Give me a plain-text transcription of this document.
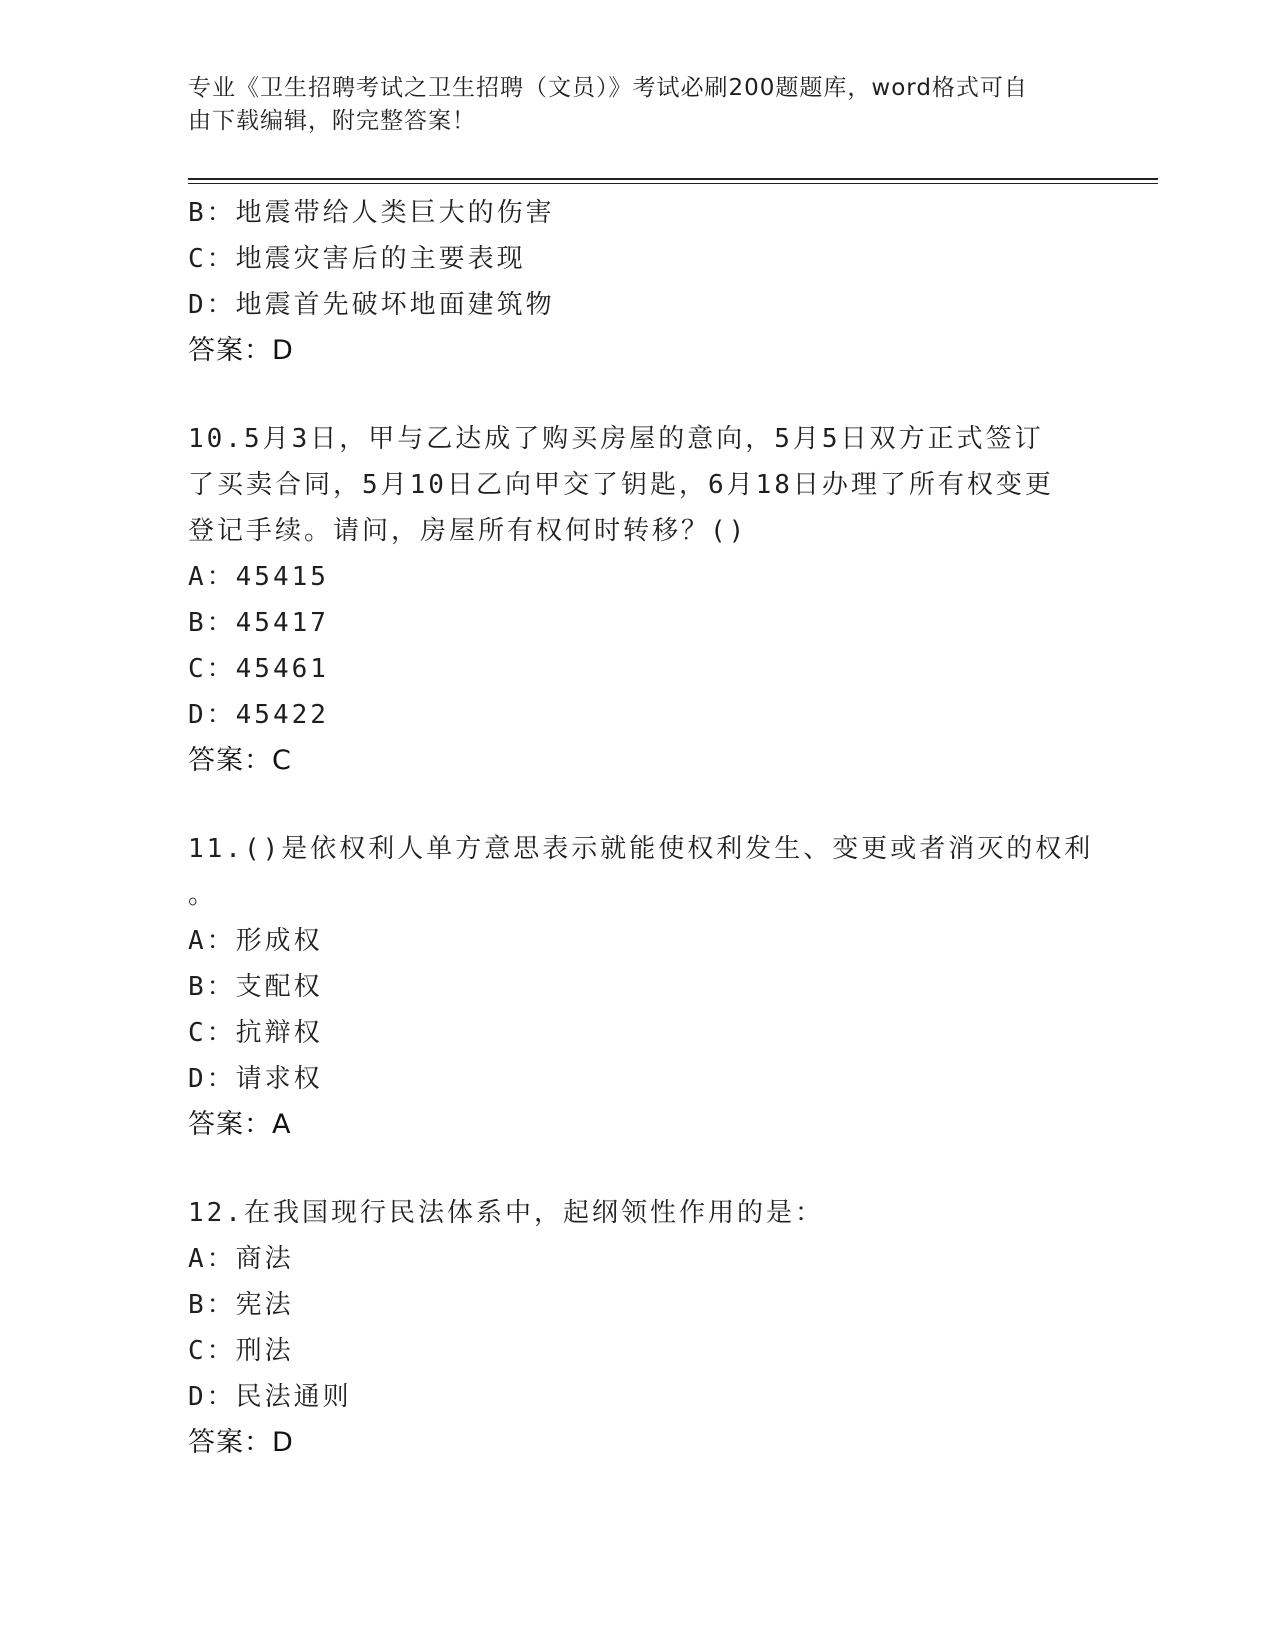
专业《卫生招聘考试之卫生招聘（文员）》考试必刷200题题库，word格式可自
由下载编辑，附完整答案！
B：地震带给人类巨大的伤害
C：地震灾害后的主要表现
D：地震首先破坏地面建筑物
答案：D
10.5月3日，甲与乙达成了购买房屋的意向，5月5日双方正式签订
了买卖合同，5月10日乙向甲交了钥匙，6月18日办理了所有权变更
登记手续。请问，房屋所有权何时转移？()
A：45415
B：45417
C：45461
D：45422
答案：C
11.()是依权利人单方意思表示就能使权利发生、变更或者消灭的权利
。
A：形成权
B：支配权
C：抗辩权
D：请求权
答案：A
12.在我国现行民法体系中，起纲领性作用的是：
A：商法
B：宪法
C：刑法
D：民法通则
答案：D
